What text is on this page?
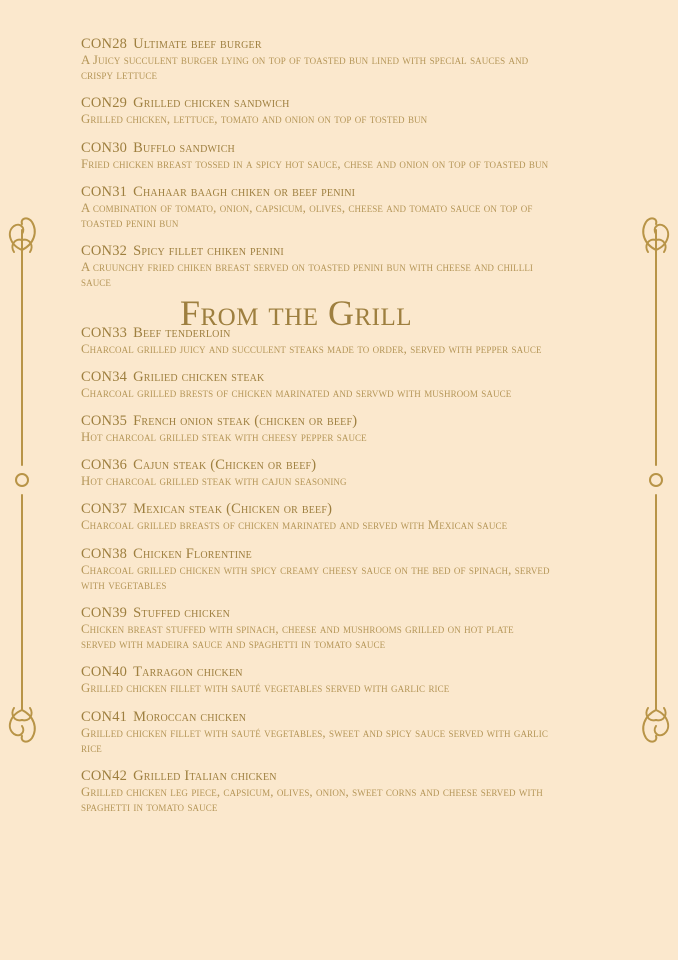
CON28 Ultimate beef burger
A Juicy succulent burger lying on top of toasted bun lined with special sauces and crispy lettuce
CON29 Grilled chicken sandwich
Grilled chicken, lettuce, tomato and onion on top of tosted bun
CON30 Bufflo sandwich
Fried chicken breast tossed in a spicy hot sauce, chese and onion on top of toasted bun
CON31 Chahaar baagh chiken or beef penini
A combination of tomato, onion, capsicum, olives, cheese and tomato sauce on top of toasted penini bun
CON32 Spicy fillet chiken penini
A cruunchy fried chiken breast served on toasted penini bun with cheese and chillli sauce
From the Grill
CON33 Beef tenderloin
Charcoal grilled juicy and succulent steaks made to order, served with pepper sauce
CON34 Grilied chicken steak
Charcoal grilled brests of chicken marinated and servwd with mushroom sauce
CON35 French onion steak (chicken or beef)
Hot charcoal grilled steak with cheesy pepper sauce
CON36 Cajun steak (Chicken or beef)
Hot charcoal grilled steak with cajun seasoning
CON37 Mexican steak (Chicken or beef)
Charcoal grilled breasts of chicken marinated and served with Mexican sauce
CON38 Chicken Florentine
Charcoal grilled chicken with spicy creamy cheesy sauce on the bed of spinach, served with vegetables
CON39 Stuffed chicken
Chicken breast stuffed with spinach, cheese and mushrooms grilled on hot plate served with madeira sauce and spaghetti in tomato sauce
CON40 Tarragon chicken
Grilled chicken fillet with sauté vegetables served with garlic rice
CON41 Moroccan chicken
Grilled chicken fillet with sauté vegetables, sweet and spicy sauce served with garlic rice
CON42 Grilled Italian chicken
Grilled chicken leg piece, capsicum, olives, onion, sweet corns and cheese served with spaghetti in tomato sauce
